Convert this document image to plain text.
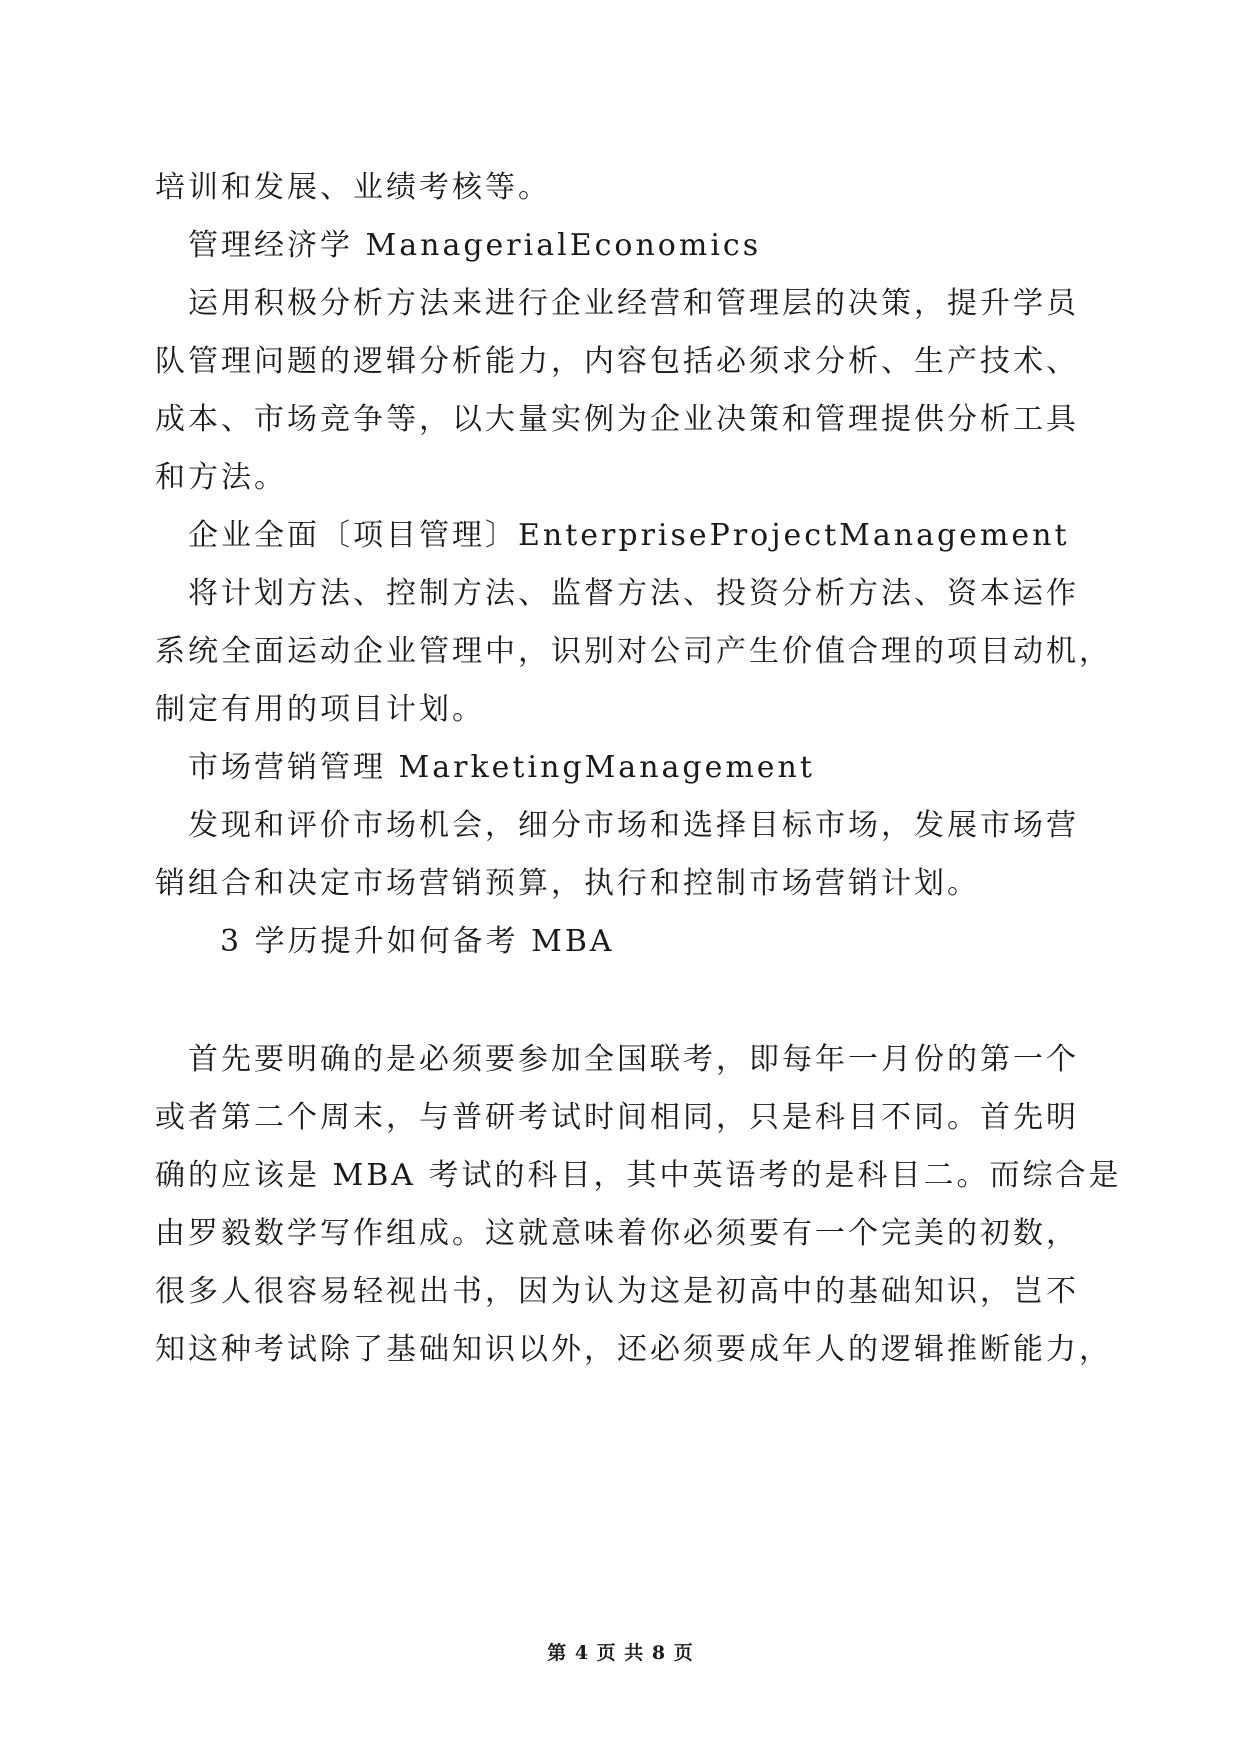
培训和发展、业绩考核等。
管理经济学 ManagerialEconomics
运用积极分析方法来进行企业经营和管理层的决策，提升学员
队管理问题的逻辑分析能力，内容包括必须求分析、生产技术、
成本、市场竞争等，以大量实例为企业决策和管理提供分析工具
和方法。
企业全面〔项目管理〕EnterpriseProjectManagement
将计划方法、控制方法、监督方法、投资分析方法、资本运作
系统全面运动企业管理中，识别对公司产生价值合理的项目动机，
制定有用的项目计划。
市场营销管理 MarketingManagement
发现和评价市场机会，细分市场和选择目标市场，发展市场营
销组合和决定市场营销预算，执行和控制市场营销计划。
3 学历提升如何备考 MBA
首先要明确的是必须要参加全国联考，即每年一月份的第一个
或者第二个周末，与普研考试时间相同，只是科目不同。首先明
确的应该是 MBA 考试的科目，其中英语考的是科目二。而综合是
由罗毅数学写作组成。这就意味着你必须要有一个完美的初数，
很多人很容易轻视出书，因为认为这是初高中的基础知识，岂不
知这种考试除了基础知识以外，还必须要成年人的逻辑推断能力，
第 4 页 共 8 页
